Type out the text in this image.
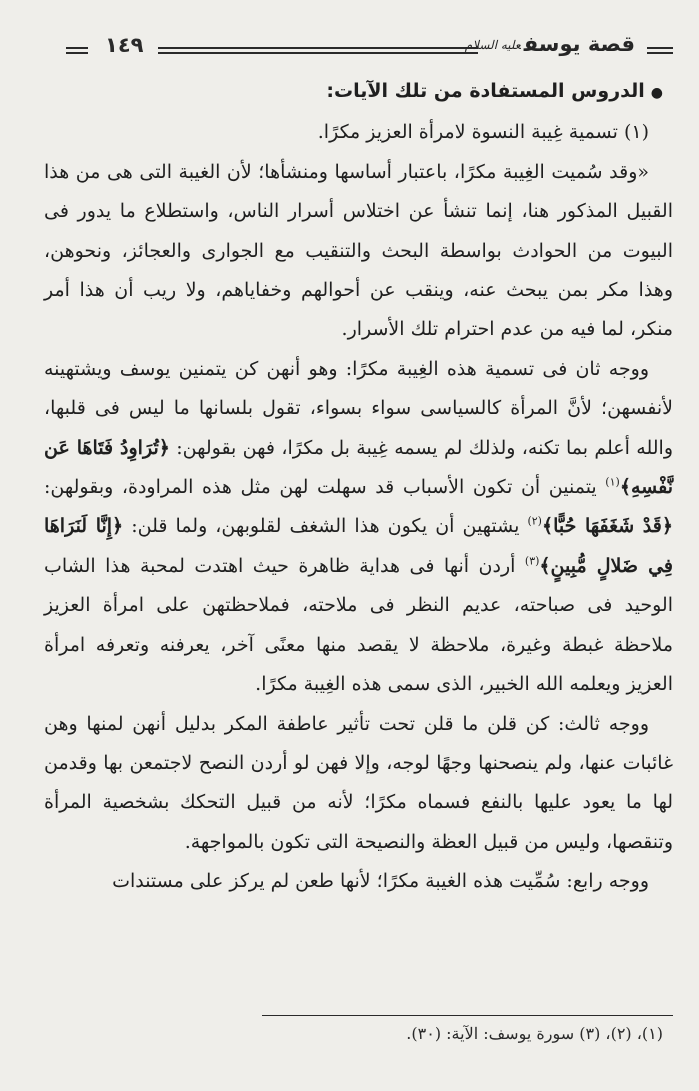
١٤٩	قصة يوسفعليه السلام

●الدروس المستفادة من تلك الآيات:

(١) تسمية غِيبة النسوة لامرأة العزيز مكرًا.

«وقد سُميت الغِيبة مكرًا، باعتبار أساسها ومنشأها؛ لأن الغيبة التى هى من هذا القبيل المذكور هنا، إنما تنشأ عن اختلاس أسرار الناس، واستطلاع ما يدور فى البيوت من الحوادث بواسطة البحث والتنقيب مع الجوارى والعجائز، ونحوهن، وهذا مكر بمن يبحث عنه، وينقب عن أحوالهم وخفاياهم، ولا ريب أن هذا أمر منكر، لما فيه من عدم احترام تلك الأسرار.

ووجه ثان فى تسمية هذه الغِيبة مكرًا: وهو أنهن كن يتمنين يوسف ويشتهينه لأنفسهن؛ لأنَّ المرأة كالسياسى سواء بسواء، تقول بلسانها ما ليس فى قلبها، والله أعلم بما تكنه، ولذلك لم يسمه غِيبة بل مكرًا، فهن بقولهن: ﴿تُرَاوِدُ فَتَاهَا عَن نَّفْسِهِ﴾$^{(١)}$ يتمنين أن تكون الأسباب قد سهلت لهن مثل هذه المراودة، وبقولهن: ﴿قَدْ شَغَفَهَا حُبًّا﴾$^{(٢)}$ يشتهين أن يكون هذا الشغف لقلوبهن، ولما قلن: ﴿إِنَّا لَنَرَاهَا فِي ضَلالٍ مُّبِينٍ﴾$^{(٣)}$ أردن أنها فى هداية ظاهرة حيث اهتدت لمحبة هذا الشاب الوحيد فى صباحته، عديم النظر فى ملاحته، فملاحظتهن على امرأة العزيز ملاحظة غبطة وغيرة، ملاحظة لا يقصد منها معنًى آخر، يعرفنه وتعرفه امرأة العزيز ويعلمه الله الخبير، الذى سمى هذه الغِيبة مكرًا.

ووجه ثالث: كن قلن ما قلن تحت تأثير عاطفة المكر بدليل أنهن لمنها وهن غائبات عنها، ولم ينصحنها وجهًا لوجه، وإلا فهن لو أردن النصح لاجتمعن بها وقدمن لها ما يعود عليها بالنفع فسماه مكرًا؛ لأنه من قبيل التحكك بشخصية المرأة وتنقصها، وليس من قبيل العظة والنصيحة التى تكون بالمواجهة.

ووجه رابع: سُمِّيت هذه الغيبة مكرًا؛ لأنها طعن لم يركز على مستندات

(١)، (٢)، (٣) سورة يوسف: الآية: (٣٠).
